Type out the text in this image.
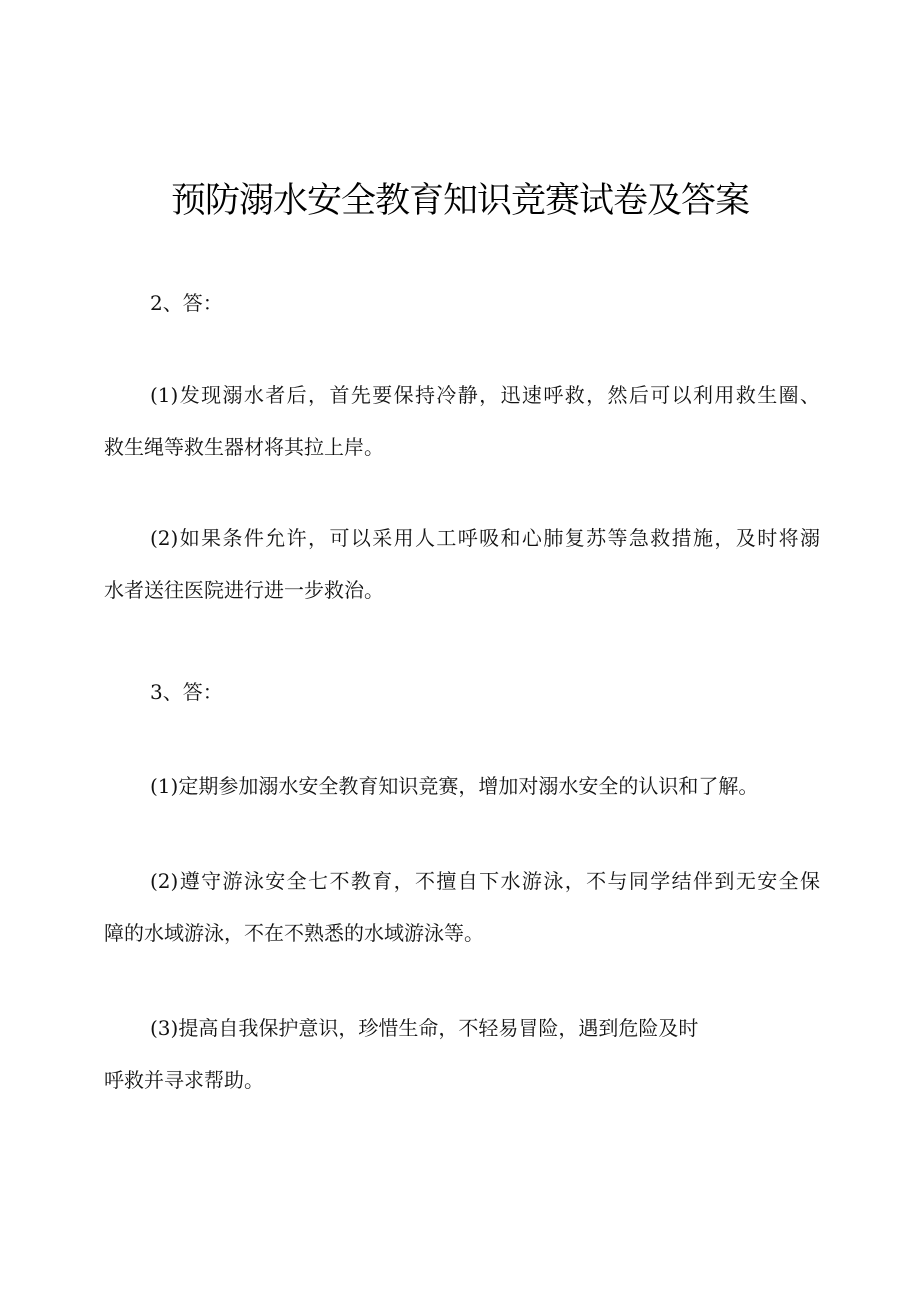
预防溺水安全教育知识竞赛试卷及答案
2、答：
(1)发现溺水者后，首先要保持冷静，迅速呼救，然后可以利用救生圈、
救生绳等救生器材将其拉上岸。
(2)如果条件允许，可以采用人工呼吸和心肺复苏等急救措施，及时将溺
水者送往医院进行进一步救治。
3、答：
(1)定期参加溺水安全教育知识竞赛，增加对溺水安全的认识和了解。
(2)遵守游泳安全七不教育，不擅自下水游泳，不与同学结伴到无安全保
障的水域游泳，不在不熟悉的水域游泳等。
(3)提高自我保护意识，珍惜生命，不轻易冒险，遇到危险及时
呼救并寻求帮助。
